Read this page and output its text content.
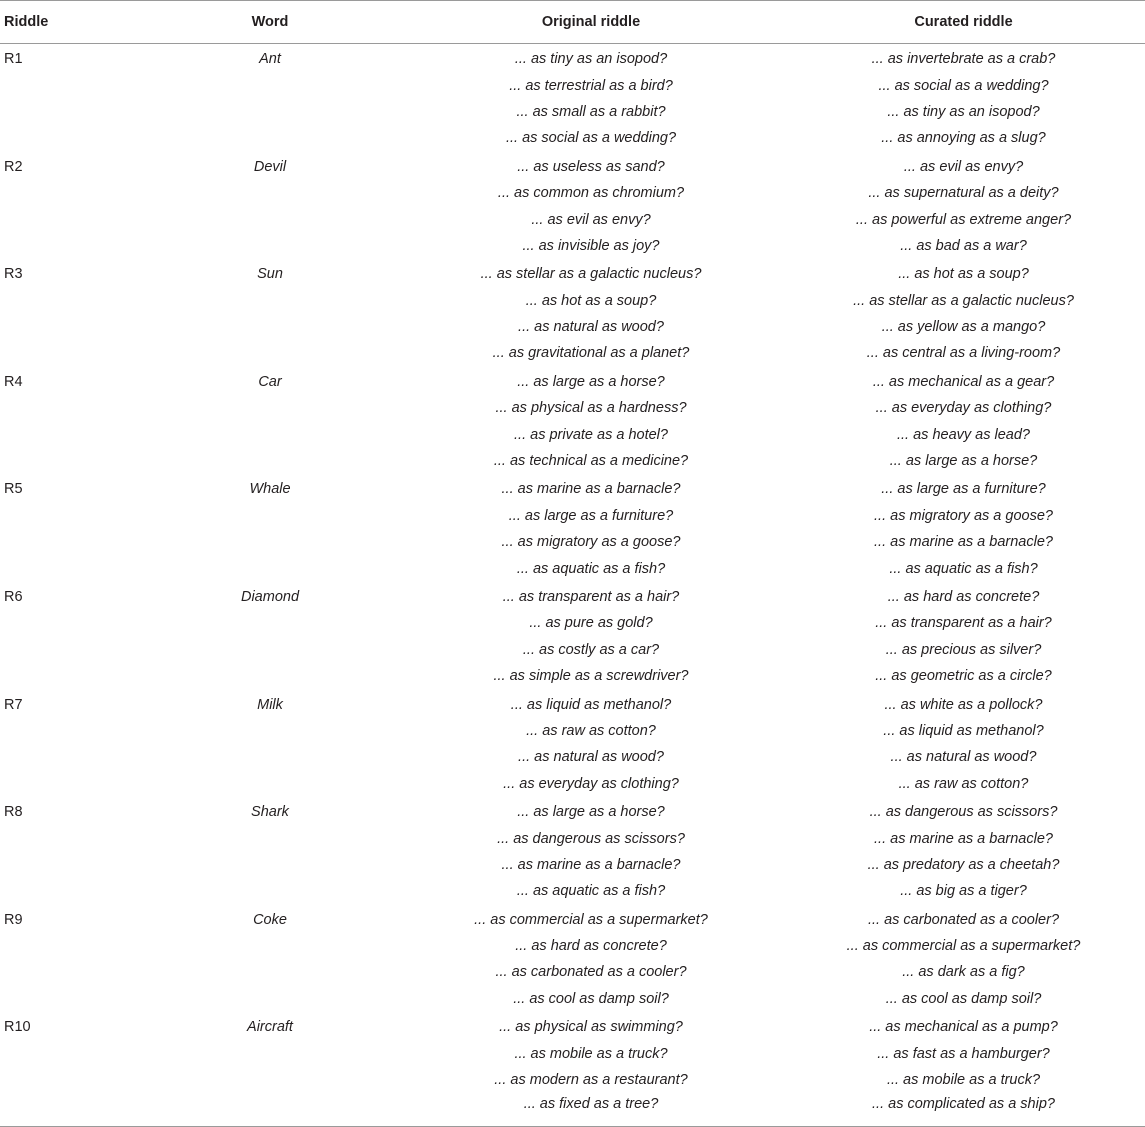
Riddle	Word	Original riddle	Curated riddle
R1	Ant	... as tiny as an isopod?	... as invertebrate as a crab?
		... as terrestrial as a bird?	... as social as a wedding?
		... as small as a rabbit?	... as tiny as an isopod?
		... as social as a wedding?	... as annoying as a slug?
R2	Devil	... as useless as sand?	... as evil as envy?
		... as common as chromium?	... as supernatural as a deity?
		... as evil as envy?	... as powerful as extreme anger?
		... as invisible as joy?	... as bad as a war?
R3	Sun	... as stellar as a galactic nucleus?	... as hot as a soup?
		... as hot as a soup?	... as stellar as a galactic nucleus?
		... as natural as wood?	... as yellow as a mango?
		... as gravitational as a planet?	... as central as a living-room?
R4	Car	... as large as a horse?	... as mechanical as a gear?
		... as physical as a hardness?	... as everyday as clothing?
		... as private as a hotel?	... as heavy as lead?
		... as technical as a medicine?	... as large as a horse?
R5	Whale	... as marine as a barnacle?	... as large as a furniture?
		... as large as a furniture?	... as migratory as a goose?
		... as migratory as a goose?	... as marine as a barnacle?
		... as aquatic as a fish?	... as aquatic as a fish?
R6	Diamond	... as transparent as a hair?	... as hard as concrete?
		... as pure as gold?	... as transparent as a hair?
		... as costly as a car?	... as precious as silver?
		... as simple as a screwdriver?	... as geometric as a circle?
R7	Milk	... as liquid as methanol?	... as white as a pollock?
		... as raw as cotton?	... as liquid as methanol?
		... as natural as wood?	... as natural as wood?
		... as everyday as clothing?	... as raw as cotton?
R8	Shark	... as large as a horse?	... as dangerous as scissors?
		... as dangerous as scissors?	... as marine as a barnacle?
		... as marine as a barnacle?	... as predatory as a cheetah?
		... as aquatic as a fish?	... as big as a tiger?
R9	Coke	... as commercial as a supermarket?	... as carbonated as a cooler?
		... as hard as concrete?	... as commercial as a supermarket?
		... as carbonated as a cooler?	... as dark as a fig?
		... as cool as damp soil?	... as cool as damp soil?
R10	Aircraft	... as physical as swimming?	... as mechanical as a pump?
		... as mobile as a truck?	... as fast as a hamburger?
		... as modern as a restaurant?	... as mobile as a truck?
		... as fixed as a tree?	... as complicated as a ship?
